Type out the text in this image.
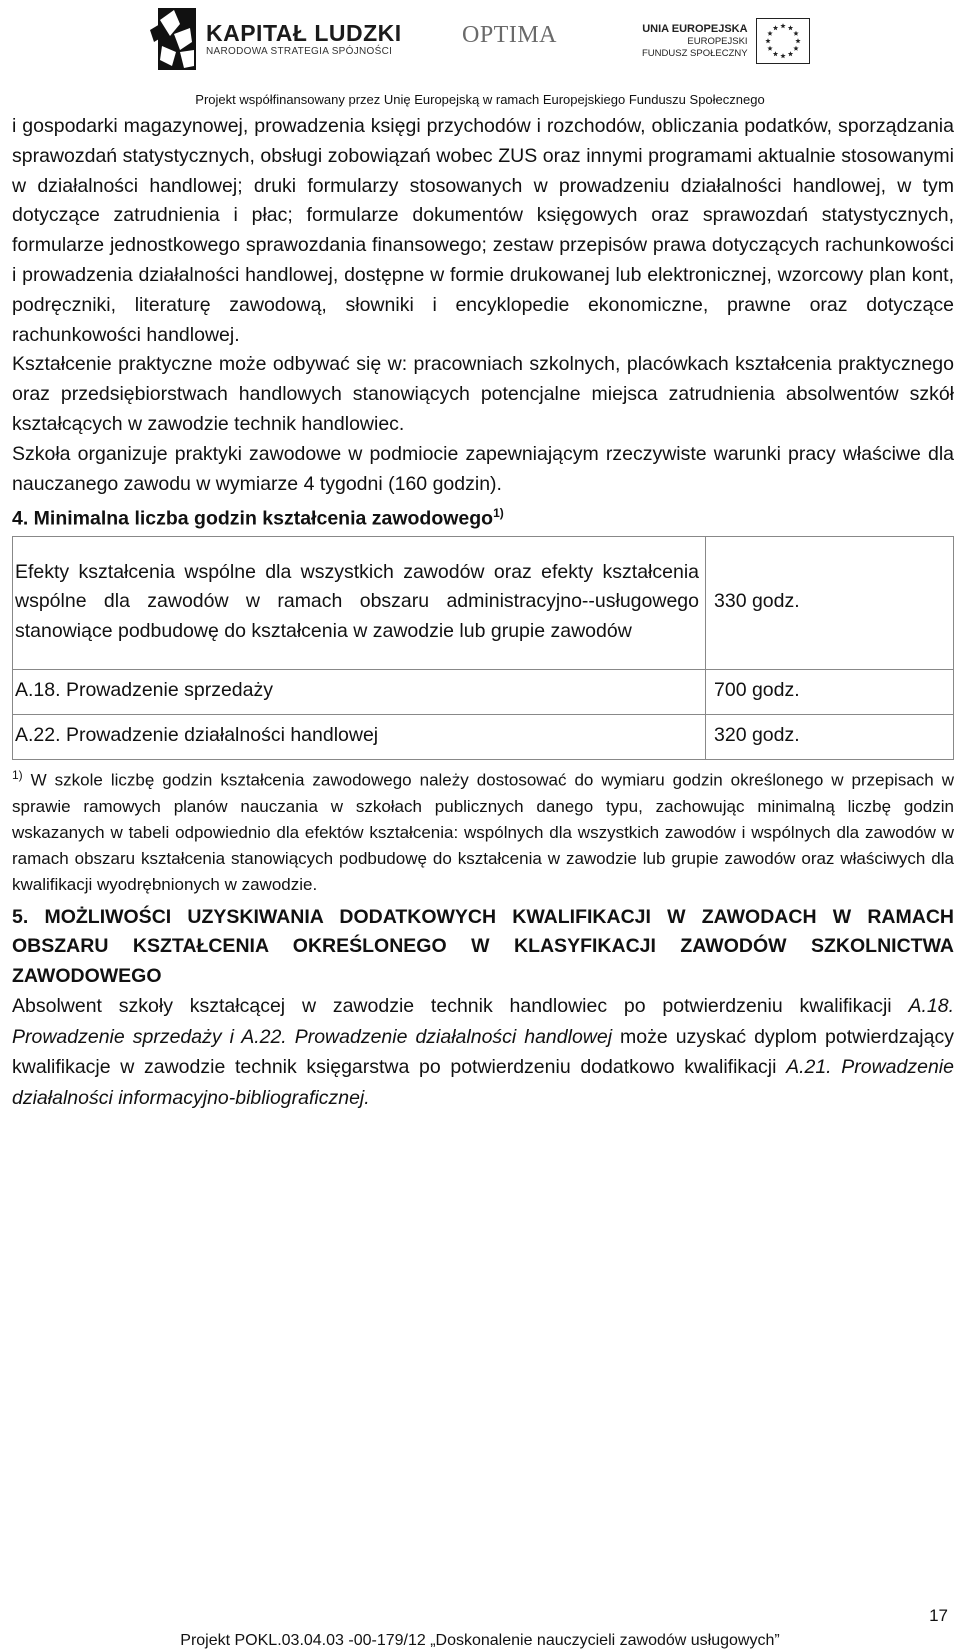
KAPITAŁ LUDZKI
NARODOWA STRATEGIA SPÓJNOŚCI
OPTIMA	UNIA EUROPEJSKA
EUROPEJSKI
FUNDUSZ SPOŁECZNY
Projekt współfinansowany przez Unię Europejską w ramach Europejskiego Funduszu Społecznego

i gospodarki magazynowej, prowadzenia księgi przychodów i rozchodów, obliczania podatków, sporządzania sprawozdań statystycznych, obsługi zobowiązań wobec ZUS oraz innymi programami aktualnie stosowanymi w działalności handlowej; druki formularzy stosowanych w prowadzeniu działalności handlowej, w tym dotyczące zatrudnienia i płac; formularze dokumentów księgowych oraz sprawozdań statystycznych, formularze jednostkowego sprawozdania finansowego; zestaw przepisów prawa dotyczących rachunkowości i prowadzenia działalności handlowej, dostępne w formie drukowanej lub elektronicznej, wzorcowy plan kont, podręczniki, literaturę zawodową, słowniki i encyklopedie ekonomiczne, prawne oraz dotyczące rachunkowości handlowej.

Kształcenie praktyczne może odbywać się w: pracowniach szkolnych, placówkach kształcenia praktycznego oraz przedsiębiorstwach handlowych stanowiących potencjalne miejsca zatrudnienia absolwentów szkół kształcących w zawodzie technik handlowiec.

Szkoła organizuje praktyki zawodowe w podmiocie zapewniającym rzeczywiste warunki pracy właściwe dla nauczanego zawodu w wymiarze 4 tygodni (160 godzin).

4. Minimalna liczba godzin kształcenia zawodowego$^{1)}$

Efekty kształcenia wspólne dla wszystkich zawodów oraz efekty kształcenia wspólne dla zawodów w ramach obszaru administracyjno--usługowego stanowiące podbudowę do kształcenia w zawodzie lub grupie zawodów	330 godz.
A.18. Prowadzenie sprzedaży	700 godz.
A.22. Prowadzenie działalności handlowej	320 godz.

$^{1)}$ W szkole liczbę godzin kształcenia zawodowego należy dostosować do wymiaru godzin określonego w przepisach w sprawie ramowych planów nauczania w szkołach publicznych danego typu, zachowując minimalną liczbę godzin wskazanych w tabeli odpowiednio dla efektów kształcenia: wspólnych dla wszystkich zawodów i wspólnych dla zawodów w ramach obszaru kształcenia stanowiących podbudowę do kształcenia w zawodzie lub grupie zawodów oraz właściwych dla kwalifikacji wyodrębnionych w zawodzie.

5. MOŻLIWOŚCI UZYSKIWANIA DODATKOWYCH KWALIFIKACJI W ZAWODACH W RAMACH OBSZARU KSZTAŁCENIA OKREŚLONEGO W KLASYFIKACJI ZAWODÓW SZKOLNICTWA ZAWODOWEGO

Absolwent szkoły kształcącej w zawodzie technik handlowiec po potwierdzeniu kwalifikacji A.18. Prowadzenie sprzedaży i A.22. Prowadzenie działalności handlowej może uzyskać dyplom potwierdzający kwalifikacje w zawodzie technik księgarstwa po potwierdzeniu dodatkowo kwalifikacji A.21. Prowadzenie działalności informacyjno-bibliograficznej.

17
Projekt POKL.03.04.03 -00-179/12 „Doskonalenie nauczycieli zawodów usługowych”
